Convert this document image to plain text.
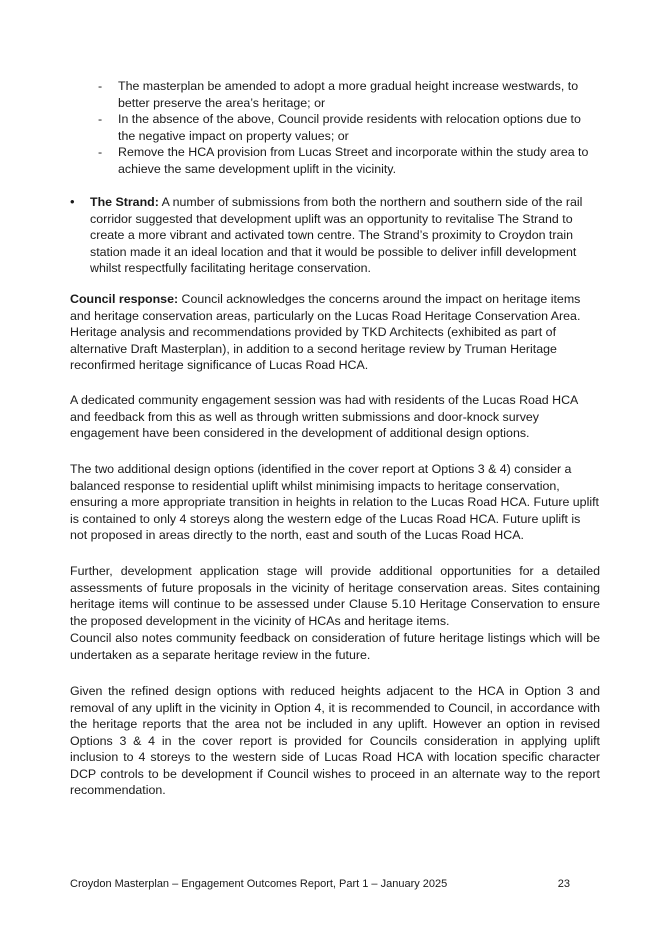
- The masterplan be amended to adopt a more gradual height increase westwards, to better preserve the area’s heritage; or
- In the absence of the above, Council provide residents with relocation options due to the negative impact on property values; or
- Remove the HCA provision from Lucas Street and incorporate within the study area to achieve the same development uplift in the vicinity.
• The Strand: A number of submissions from both the northern and southern side of the rail corridor suggested that development uplift was an opportunity to revitalise The Strand to create a more vibrant and activated town centre. The Strand’s proximity to Croydon train station made it an ideal location and that it would be possible to deliver infill development whilst respectfully facilitating heritage conservation.

Council response: Council acknowledges the concerns around the impact on heritage items and heritage conservation areas, particularly on the Lucas Road Heritage Conservation Area. Heritage analysis and recommendations provided by TKD Architects (exhibited as part of alternative Draft Masterplan), in addition to a second heritage review by Truman Heritage reconfirmed heritage significance of Lucas Road HCA.

A dedicated community engagement session was had with residents of the Lucas Road HCA and feedback from this as well as through written submissions and door-knock survey engagement have been considered in the development of additional design options.

The two additional design options (identified in the cover report at Options 3 & 4) consider a balanced response to residential uplift whilst minimising impacts to heritage conservation, ensuring a more appropriate transition in heights in relation to the Lucas Road HCA. Future uplift is contained to only 4 storeys along the western edge of the Lucas Road HCA. Future uplift is not proposed in areas directly to the north, east and south of the Lucas Road HCA.

Further, development application stage will provide additional opportunities for a detailed assessments of future proposals in the vicinity of heritage conservation areas. Sites containing heritage items will continue to be assessed under Clause 5.10 Heritage Conservation to ensure the proposed development in the vicinity of HCAs and heritage items.

Council also notes community feedback on consideration of future heritage listings which will be undertaken as a separate heritage review in the future.

Given the refined design options with reduced heights adjacent to the HCA in Option 3 and removal of any uplift in the vicinity in Option 4, it is recommended to Council, in accordance with the heritage reports that the area not be included in any uplift. However an option in revised Options 3 & 4 in the cover report is provided for Councils consideration in applying uplift inclusion to 4 storeys to the western side of Lucas Road HCA with location specific character DCP controls to be development if Council wishes to proceed in an alternate way to the report recommendation.

Croydon Masterplan – Engagement Outcomes Report, Part 1 – January 2025	23
